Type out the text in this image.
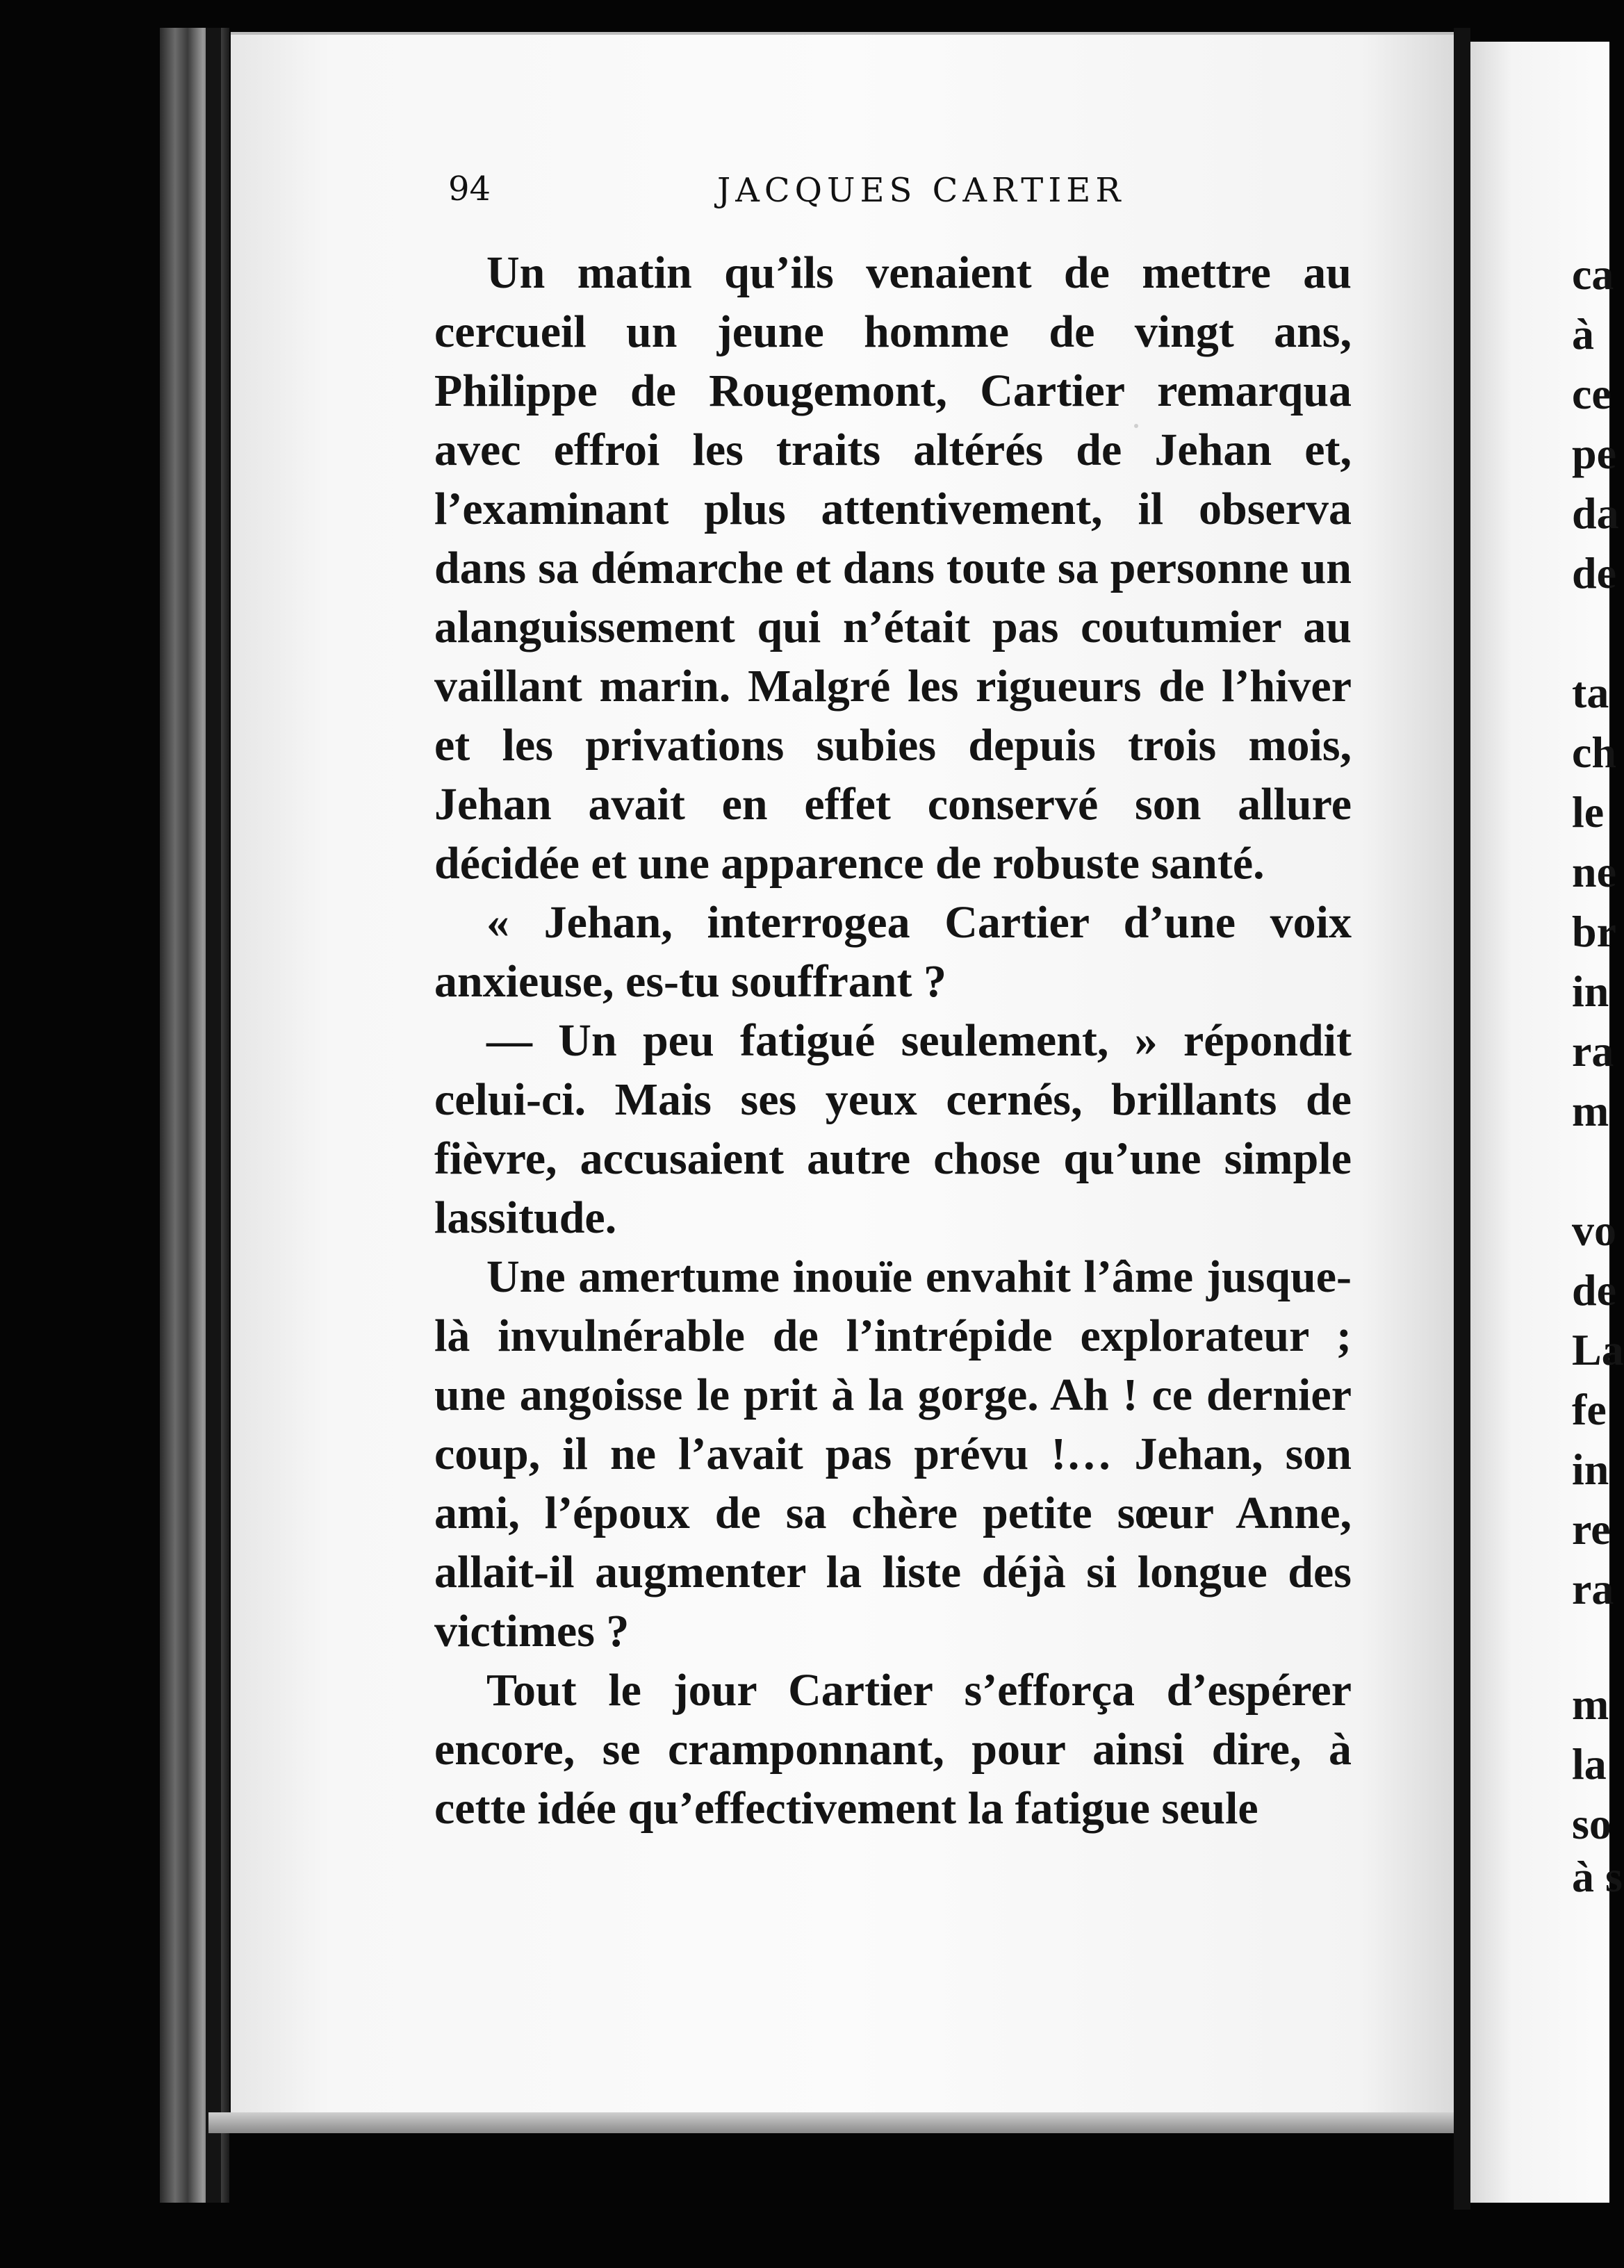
94	JACQUES CARTIER

Un matin qu’ils venaient de mettre au cercueil un jeune homme de vingt ans, Philippe de Rougemont, Cartier remarqua avec effroi les traits altérés de Jehan et, l’examinant plus attentivement, il observa dans sa démarche et dans toute sa personne un alanguissement qui n’était pas coutumier au vaillant marin. Malgré les rigueurs de l’hiver et les privations subies depuis trois mois, Jehan avait en effet conservé son allure décidée et une apparence de robuste santé.

« Jehan, interrogea Cartier d’une voix anxieuse, es-tu souffrant ?

— Un peu fatigué seulement, » répondit celui-ci. Mais ses yeux cernés, brillants de fièvre, accusaient autre chose qu’une simple lassitude.

Une amertume inouïe envahit l’âme jusque-là invulnérable de l’intrépide explorateur ; une angoisse le prit à la gorge. Ah ! ce dernier coup, il ne l’avait pas prévu !… Jehan, son ami, l’époux de sa chère petite sœur Anne, allait-il augmenter la liste déjà si longue des victimes ?

Tout le jour Cartier s’efforça d’espérer encore, se cramponnant, pour ainsi dire, à cette idée qu’effectivement la fatigue seule

ca
à
ce
pe
da
de
ta
ch
le
ne
br
in
ra
m
vo
de
La
fe
in
re
ra
m
la
so
à s
